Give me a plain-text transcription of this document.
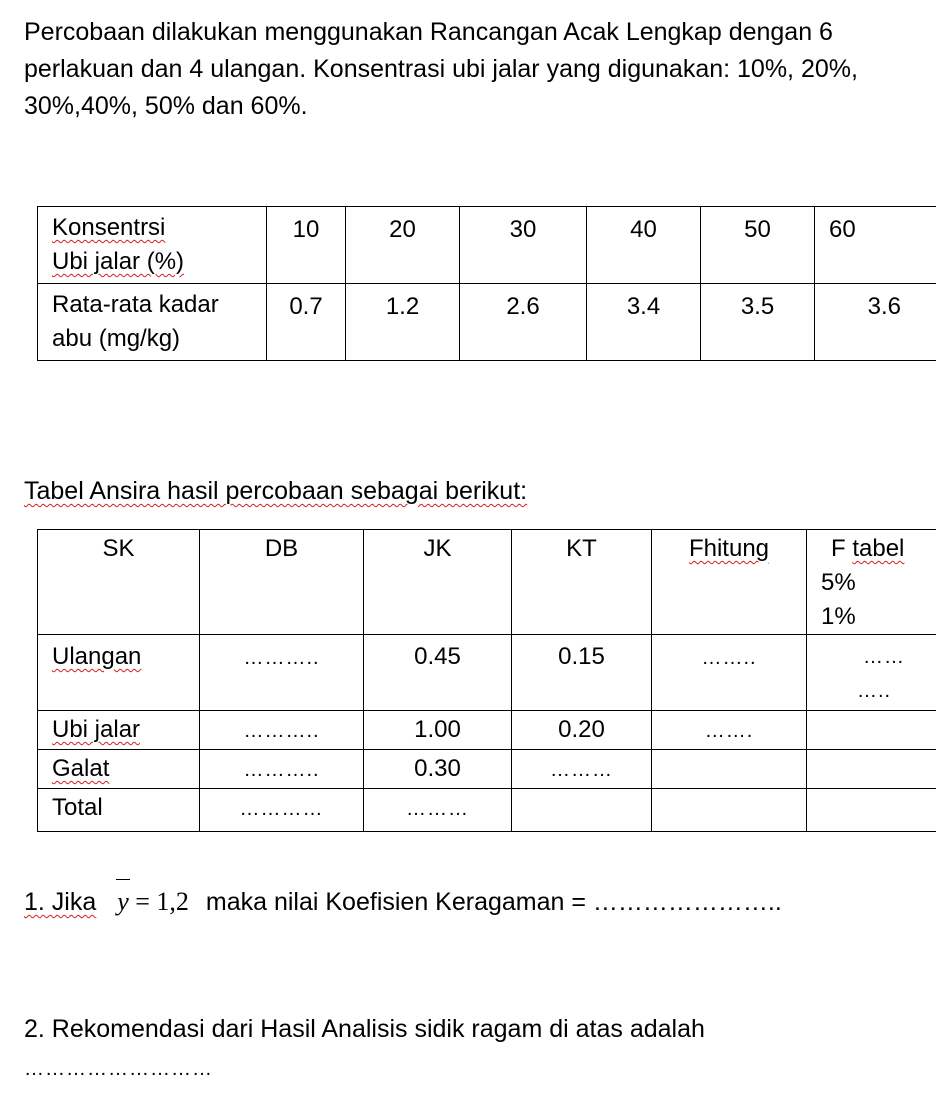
Percobaan dilakukan menggunakan Rancangan Acak Lengkap dengan 6

perlakuan dan 4 ulangan. Konsentrasi ubi jalar yang digunakan: 10%, 20%,

30%,40%, 50% dan 60%.

Konsentrsi
Ubi jalar (%)	10	20	30	40	50	60
Rata-rata kadar
abu (mg/kg)	0.7	1.2	2.6	3.4	3.5	3.6
Tabel Ansira hasil percobaan sebagai berikut:
SK	DB	JK	KT	Fhitung	F tabel
5%
1%

Ulangan	………..	0.45	0.15	……..	……
…..

Ubi jalar	………..	1.00	0.20	…….	
Galat	………..	0.30	………		
Total	…………	………			
1. Jika y = 1,2 maka nilai Koefisien Keragaman = …………………..
2. Rekomendasi dari Hasil Analisis sidik ragam di atas adalah
………………………
